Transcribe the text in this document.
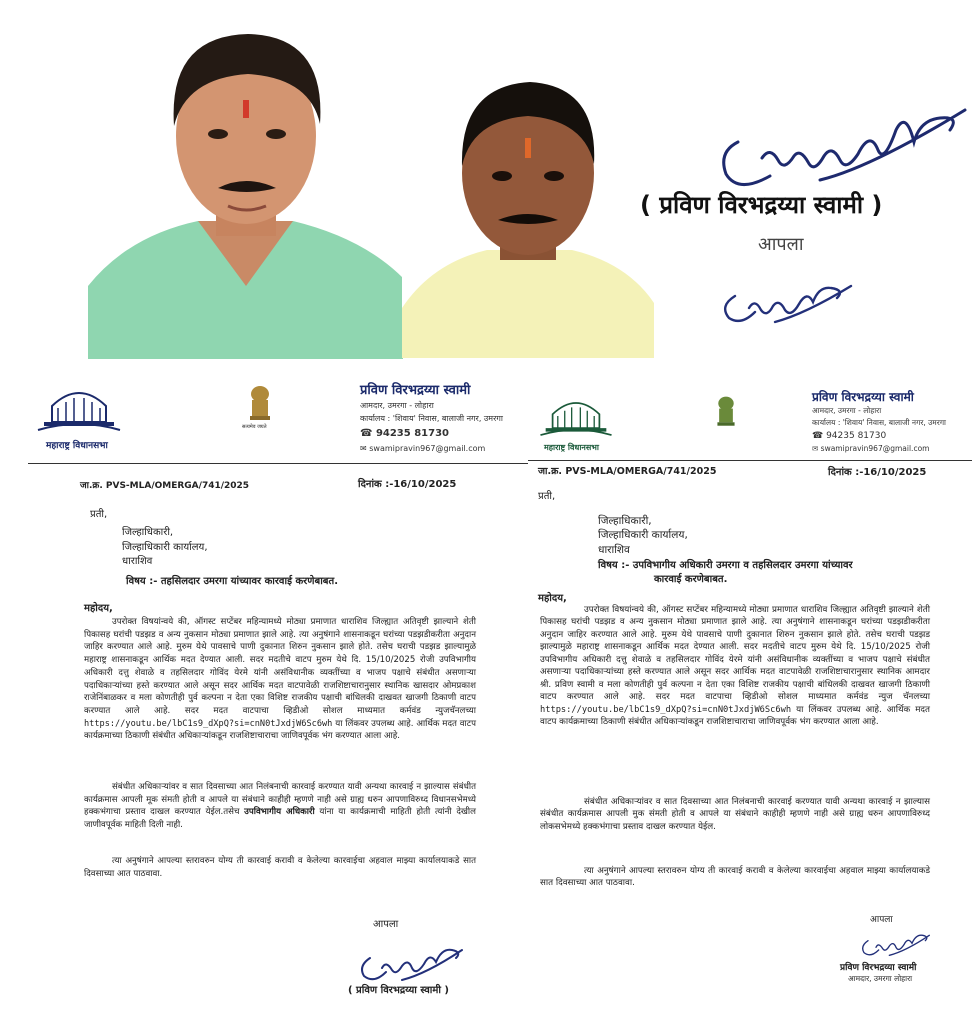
( प्रविण विरभद्रय्या स्वामी )
आपला
महाराष्ट्र विधानसभा
सत्यमेव जयते
प्रविण विरभद्रय्या स्वामी
आमदार, उमरगा - लोहारा
कार्यालय : 'शिवाय' निवास, बालाजी नगर, उमरगा
☎ 94235 81730
✉ swamipravin967@gmail.com
जा.क्र. PVS-MLA/OMERGA/741/2025	दिनांक :-16/10/2025
प्रती,
जिल्हाधिकारी,
जिल्हाधिकारी कार्यालय,
धाराशिव
विषय :- तहसिलदार उमरगा यांच्यावर कारवाई करणेबाबत.
महोदय,
उपरोक्त विषयांन्वये की, ऑगस्ट सप्टेंबर महिन्यामध्ये मोठ्या प्रमाणात धाराशिव जिल्ह्यात अतिवृष्टी झाल्याने शेती पिकासह घरांची पडझड व अन्य नुकसान मोठ्या प्रमाणात झाले आहे. त्या अनुषंगाने शासनाकडून घरांच्या पडझडीकरीता अनुदान जाहिर करण्यात आले आहे. मुरुम येथे पावसाचे पाणी दुकानात शिरुन नुकसान झाले होते. तसेच घराची पडझड झाल्यामुळे महाराष्ट्र शासनाकडून आर्थिक मदत देण्यात आली. सदर मदतीचे वाटप मुरुम येथे दि. 15/10/2025 रोजी उपविभागीय अधिकारी दत्तु शेवाळे व तहसिलदार गोविंद येरमे यांनी असंविधानीक व्यक्तींच्या व भाजप पक्षाचे संबंधीत असणाऱ्या पदाधिकाऱ्यांच्या हस्ते करण्यात आले असून सदर आर्थिक मदत वाटपावेळी राजशिष्टाचारानुसार स्थानिक खासदार ओमप्रकाश राजेनिंबाळकर व मला कोणतीही पुर्व कल्पना न देता एका विशिष्ट राजकीय पक्षाची बांधिलकी दाखवत खाजगी ठिकाणी वाटप करण्यात आले आहे. सदर मदत वाटपाचा व्हिडीओ सोशल माध्यमात कर्मवंड न्युजचॅनलच्या https://youtu.be/lbC1s9_dXpQ?si=cnN0tJxdjW6Sc6wh या लिंकवर उपलब्ध आहे. आर्थिक मदत वाटप कार्यक्रमाच्या ठिकाणी संबंधीत अधिकाऱ्यांकडून राजशिष्टाचाराचा जाणिवपूर्वक भंग करण्यात आला आहे.
संबंधीत अधिकाऱ्यांवर व सात दिवसाच्या आत निलंबनाची कारवाई करण्यात यावी अन्यथा कारवाई न झाल्यास संबंधीत कार्यक्रमास आपली मूक संमती होती व आपले या संबंधाने काहीही म्हणणे नाही असे ग्राह्य धरुन आपणाविरुध्द विधानसभेमध्ये हक्कभंगाचा प्रस्ताव दाखल करण्यात येईल.तसेच उपविभागीय अधिकारी यांना या कार्यक्रमाची माहिती होती त्यांनी देखील जाणीवपूर्वक माहिती दिली नाही.
त्या अनुषंगाने आपल्या स्तरावरुन योग्य ती कारवाई करावी व केलेल्या कारवाईचा अहवाल माझ्या कार्यालयाकडे सात दिवसाच्या आत पाठवावा.
आपला
( प्रविण विरभद्रय्या स्वामी )
महाराष्ट्र विधानसभा
प्रविण विरभद्रय्या स्वामी
आमदार, उमरगा - लोहारा
कार्यालय : 'शिवाय' निवास, बालाजी नगर, उमरगा
☎ 94235 81730
✉ swamipravin967@gmail.com
जा.क्र. PVS-MLA/OMERGA/741/2025	दिनांक :-16/10/2025
प्रती,
जिल्हाधिकारी,
जिल्हाधिकारी कार्यालय,
धाराशिव
विषय :- उपविभागीय अधिकारी उमरगा व तहसिलदार उमरगा यांच्यावर
कारवाई करणेबाबत.
महोदय,
उपरोक्त विषयांन्वये की, ऑगस्ट सप्टेंबर महिन्यामध्ये मोठ्या प्रमाणात धाराशिव जिल्ह्यात अतिवृष्टी झाल्याने शेती पिकासह घरांची पडझड व अन्य नुकसान मोठ्या प्रमाणात झाले आहे. त्या अनुषंगाने शासनाकडून घरांच्या पडझडीकरीता अनुदान जाहिर करण्यात आले आहे. मुरुम येथे पावसाचे पाणी दुकानात शिरुन नुकसान झाले होते. तसेच घराची पडझड झाल्यामुळे महाराष्ट्र शासनाकडून आर्थिक मदत देण्यात आली. सदर मदतीचे वाटप मुरुम येथे दि. 15/10/2025 रोजी उपविभागीय अधिकारी दत्तु शेवाळे व तहसिलदार गोविंद येरमे यांनी असंविधानीक व्यक्तींच्या व भाजप पक्षाचे संबंधीत असणाऱ्या पदाधिकाऱ्यांच्या हस्ते करण्यात आले असून सदर आर्थिक मदत वाटपावेळी राजशिष्टाचारानुसार स्थानिक आमदार श्री. प्रविण स्वामी व मला कोणतीही पुर्व कल्पना न देता एका विशिष्ट राजकीय पक्षाची बांधिलकी दाखवत खाजगी ठिकाणी वाटप करण्यात आले आहे. सदर मदत वाटपाचा व्हिडीओ सोशल माध्यमात कर्मवंड न्युज चॅनलच्या https://youtu.be/lbC1s9_dXpQ?si=cnN0tJxdjW6Sc6wh या लिंकवर उपलब्ध आहे. आर्थिक मदत वाटप कार्यक्रमाच्या ठिकाणी संबंधीत अधिकाऱ्यांकडून राजशिष्टाचाराचा जाणिवपूर्वक भंग करण्यात आला आहे.
संबंधीत अधिकाऱ्यांवर व सात दिवसाच्या आत निलंबनाची कारवाई करण्यात यावी अन्यथा कारवाई न झाल्यास संबंधीत कार्यक्रमास आपली मुक संमती होती व आपले या संबंधाने काहीही म्हणणे नाही असे ग्राह्य धरुन आपणाविरुध्द लोकसभेमध्ये हक्कभंगाचा प्रस्ताव दाखल करण्यात येईल.
त्या अनुषंगाने आपल्या स्तरावरुन योग्य ती कारवाई करावी व केलेल्या कारवाईचा अहवाल माझ्या कार्यालयाकडे सात दिवसाच्या आत पाठवावा.
आपला
प्रविण विरभद्रय्या स्वामी
आमदार, उमरगा लोहारा
